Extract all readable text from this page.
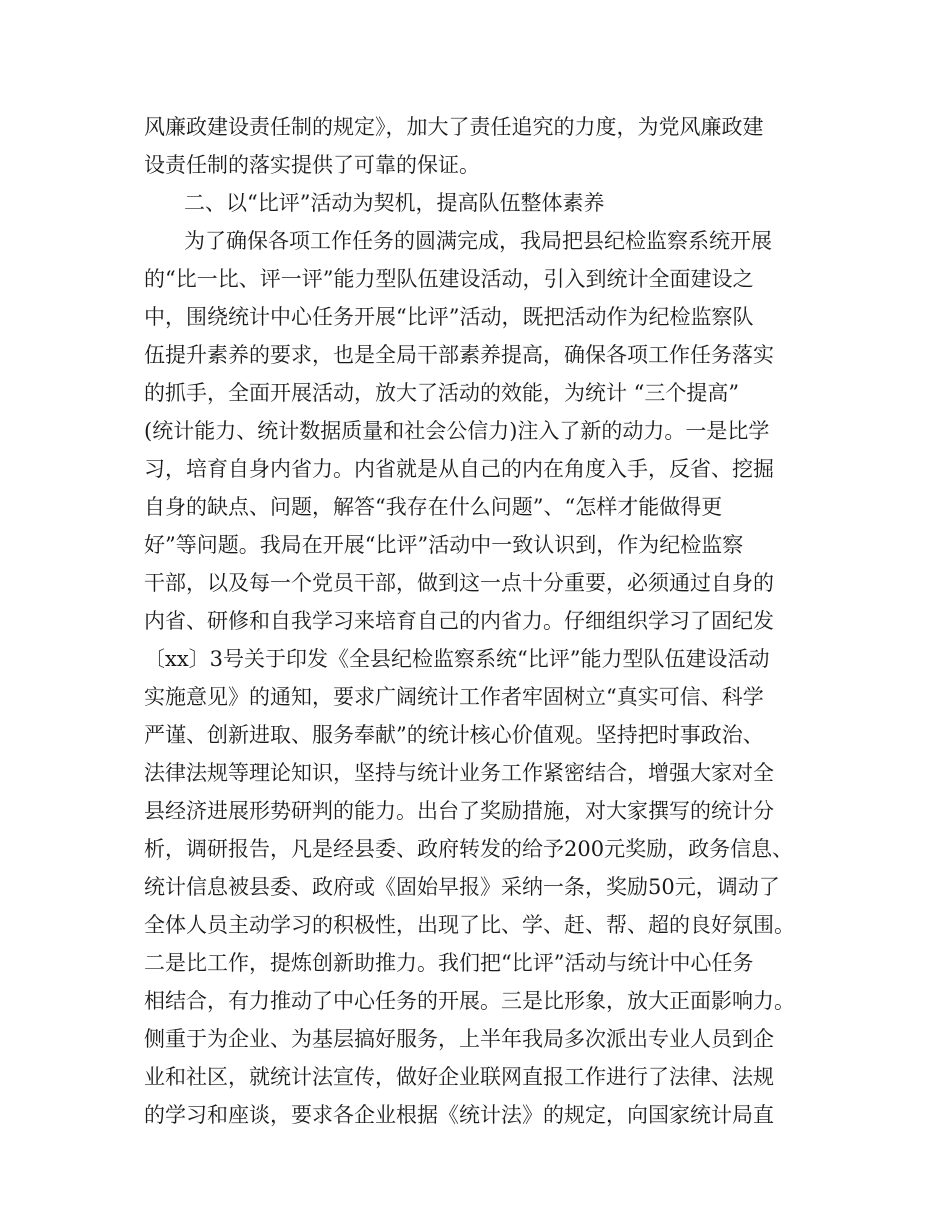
风廉政建设责任制的规定》，加大了责任追究的力度，为党风廉政建
设责任制的落实提供了可靠的保证。
二、以“比评”活动为契机，提高队伍整体素养
为了确保各项工作任务的圆满完成，我局把县纪检监察系统开展
的“比一比、评一评”能力型队伍建设活动，引入到统计全面建设之
中，围绕统计中心任务开展“比评”活动，既把活动作为纪检监察队
伍提升素养的要求，也是全局干部素养提高，确保各项工作任务落实
的抓手，全面开展活动，放大了活动的效能，为统计 “三个提高”
(统计能力、统计数据质量和社会公信力)注入了新的动力。一是比学
习，培育自身内省力。内省就是从自己的内在角度入手，反省、挖掘
自身的缺点、问题，解答“我存在什么问题”、“怎样才能做得更
好”等问题。我局在开展“比评”活动中一致认识到，作为纪检监察
干部，以及每一个党员干部，做到这一点十分重要，必须通过自身的
内省、研修和自我学习来培育自己的内省力。仔细组织学习了固纪发
〔xx〕3号关于印发《全县纪检监察系统“比评”能力型队伍建设活动
实施意见》的通知，要求广阔统计工作者牢固树立“真实可信、科学
严谨、创新进取、服务奉献”的统计核心价值观。坚持把时事政治、
法律法规等理论知识，坚持与统计业务工作紧密结合，增强大家对全
县经济进展形势研判的能力。出台了奖励措施，对大家撰写的统计分
析，调研报告，凡是经县委、政府转发的给予200元奖励，政务信息、
统计信息被县委、政府或《固始早报》采纳一条，奖励50元，调动了
全体人员主动学习的积极性，出现了比、学、赶、帮、超的良好氛围。
二是比工作，提炼创新助推力。我们把“比评”活动与统计中心任务
相结合，有力推动了中心任务的开展。三是比形象，放大正面影响力。
侧重于为企业、为基层搞好服务，上半年我局多次派出专业人员到企
业和社区，就统计法宣传，做好企业联网直报工作进行了法律、法规
的学习和座谈，要求各企业根据《统计法》的规定，向国家统计局直
